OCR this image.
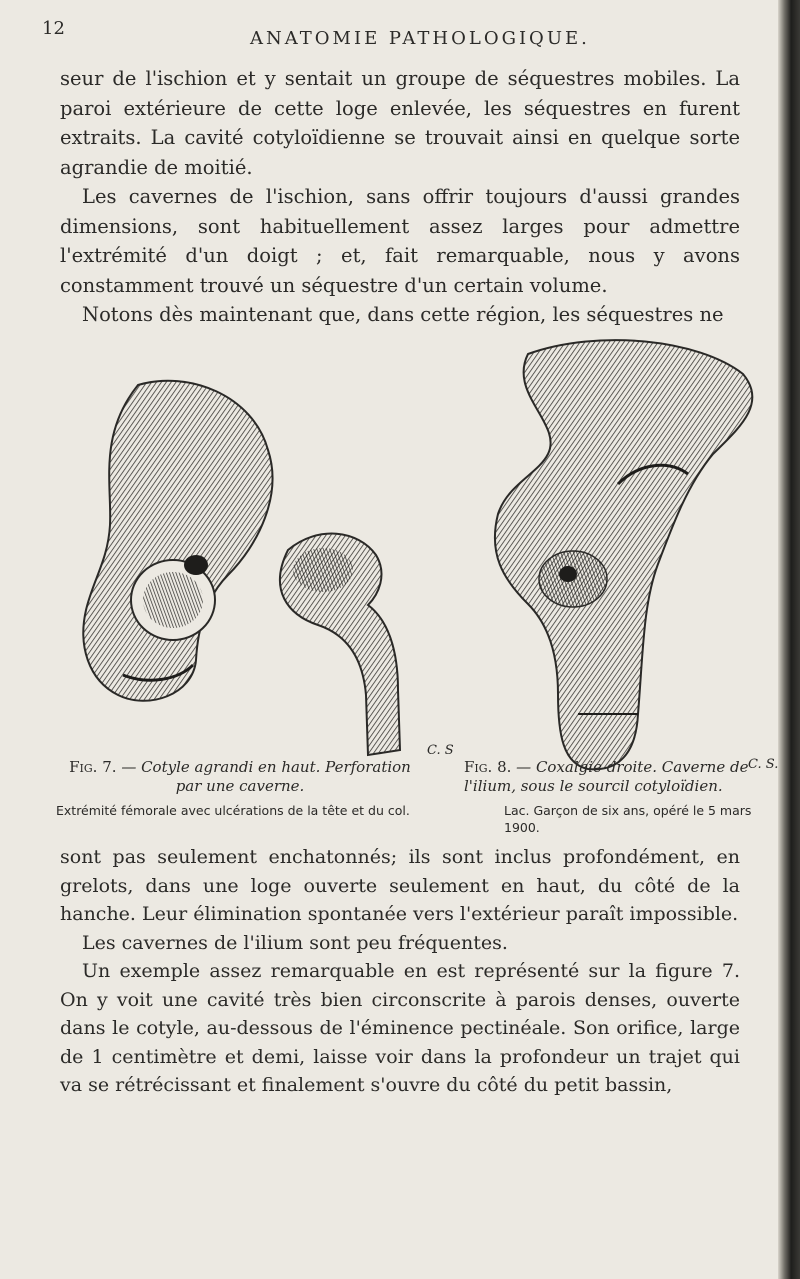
12	ANATOMIE PATHOLOGIQUE.
seur de l'ischion et y sentait un groupe de séquestres mobiles. La paroi extérieure de cette loge enlevée, les séquestres en furent extraits. La cavité cotyloïdienne se trouvait ainsi en quelque sorte agrandie de moitié.
Les cavernes de l'ischion, sans offrir toujours d'aussi grandes dimensions, sont habituellement assez larges pour admettre l'extrémité d'un doigt ; et, fait remarquable, nous y avons constamment trouvé un séquestre d'un certain volume.
Notons dès maintenant que, dans cette région, les séquestres ne
C. S
C. S.
Fig. 7. — Cotyle agrandi en haut. Perforation par une caverne.
Extrémité fémorale avec ulcérations de la tête et du col.
Fig. 8. — Coxalgie droite. Caverne de l'ilium, sous le sourcil cotyloïdien.
Lac. Garçon de six ans, opéré le 5 mars 1900.
sont pas seulement enchatonnés; ils sont inclus profondément, en grelots, dans une loge ouverte seulement en haut, du côté de la hanche. Leur élimination spontanée vers l'extérieur paraît impossible.
Les cavernes de l'ilium sont peu fréquentes.
Un exemple assez remarquable en est représenté sur la figure 7. On y voit une cavité très bien circonscrite à parois denses, ouverte dans le cotyle, au-dessous de l'éminence pectinéale. Son orifice, large de 1 centimètre et demi, laisse voir dans la profondeur un trajet qui va se rétrécissant et finalement s'ouvre du côté du petit bassin,
